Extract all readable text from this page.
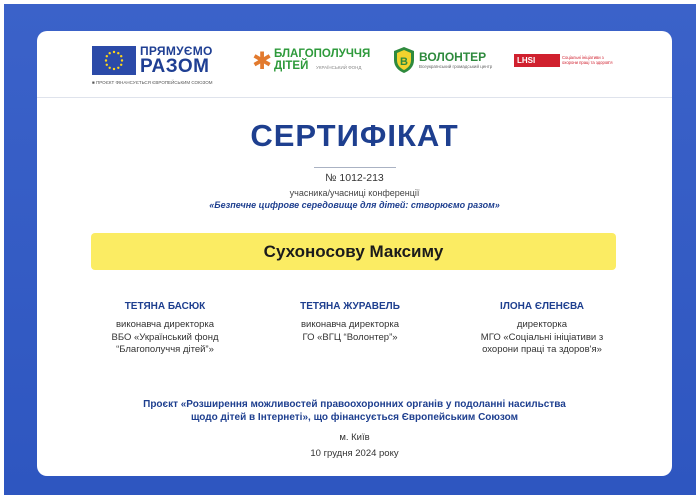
ПРЯМУЄМО
РАЗОМ
■ ПРОЄКТ ФІНАНСУЄТЬСЯ ЄВРОПЕЙСЬКИМ СОЮЗОМ
✱ БЛАГОПОЛУЧЧЯ
ДІТЕЙ УКРАЇНСЬКИЙ ФОНД	B ВОЛОНТЕР
Всеукраїнський громадський центр
LHSI	Соціальні ініціативи з охорони праці та здоров'я
СЕРТИФІКАТ
№ 1012-213
учасника/учасниці конференції
«Безпечне цифрове середовище для дітей: створюємо разом»
Сухоносову Максиму
ТЕТЯНА БАСЮК
виконавча директорка
ВБО «Український фонд
“Благополуччя дітей”»
ТЕТЯНА ЖУРАВЕЛЬ
виконавча директорка
ГО «ВГЦ “Волонтер”»
ІЛОНА ЄЛЕНЄВА
директорка
МГО «Соціальні ініціативи з
охорони праці та здоров'я»
Проєкт «Розширення можливостей правоохоронних органів у подоланні насильства
щодо дітей в Інтернеті», що фінансується Європейським Союзом
м. Київ
10 грудня 2024 року
